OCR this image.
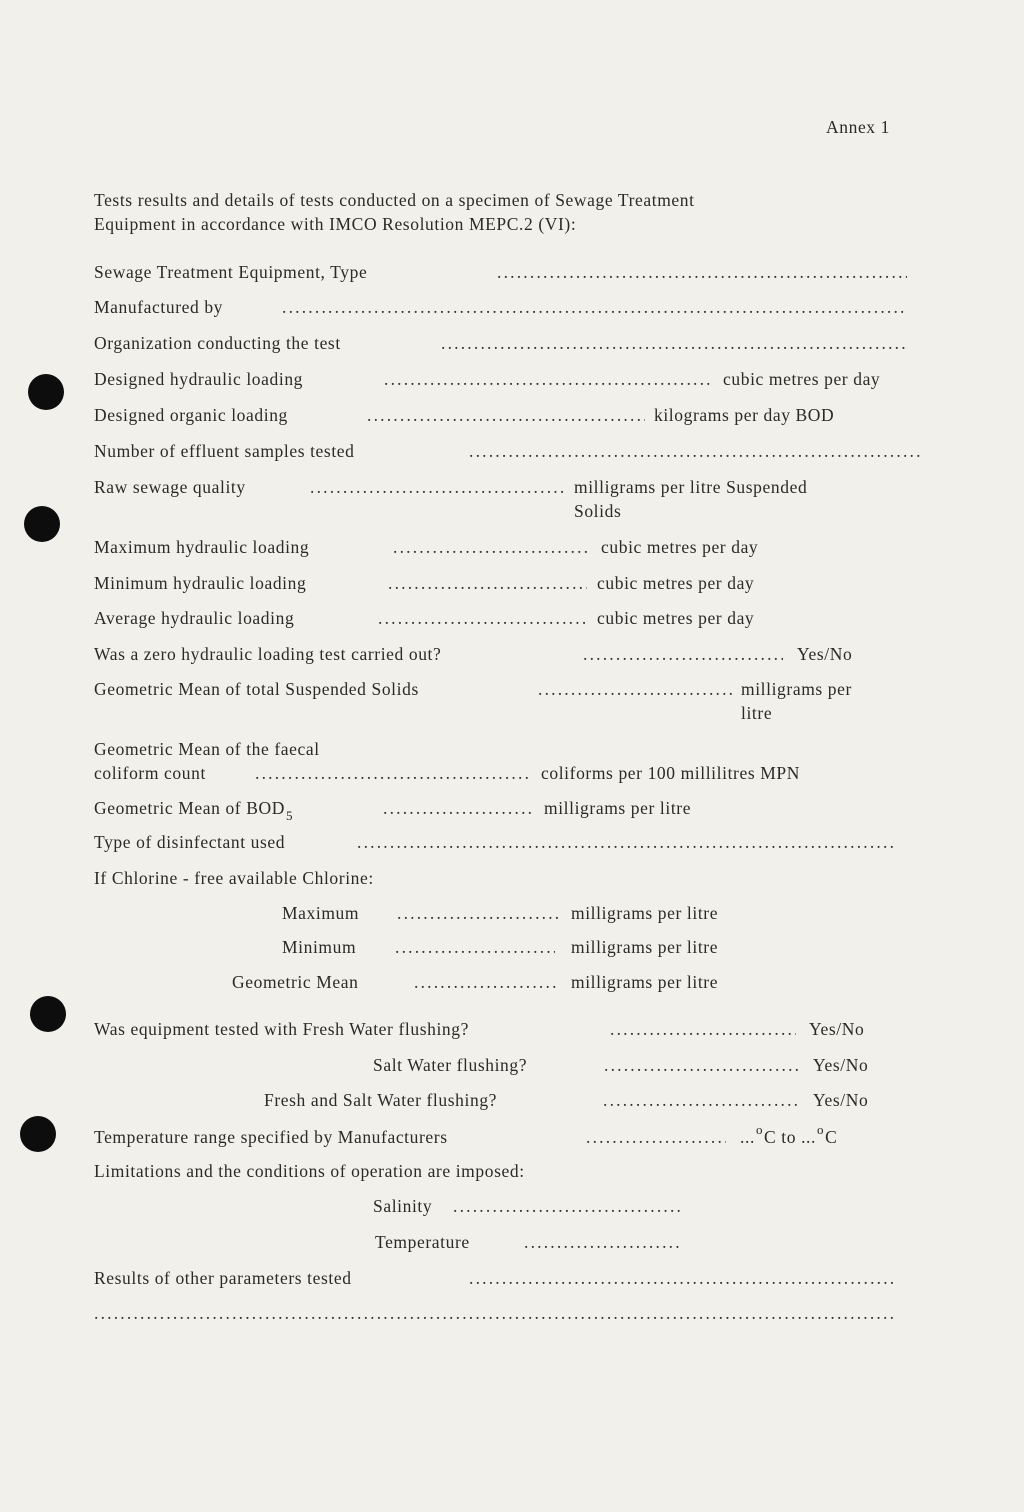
Annex 1
Tests results and details of tests conducted on a specimen of Sewage Treatment
Equipment in accordance with IMCO Resolution MEPC.2 (VI):
Sewage Treatment Equipment, Type
.....
Manufactured by
.....
Organization conducting the test
.....
Designed hydraulic loading .....	cubic metres per day
Designed organic loading .....	kilograms per day BOD
Number of effluent samples tested
.....
Raw sewage quality .....	milligrams per litre Suspended
Solids
Maximum hydraulic loading .....	cubic metres per day
Minimum hydraulic loading .....	cubic metres per day
Average hydraulic loading .....	cubic metres per day
Was a zero hydraulic loading test carried out? .....	Yes/No
Geometric Mean of total Suspended Solids .....	milligrams per
litre
Geometric Mean of the faecal
coliform count .....	coliforms per 100 millilitres MPN
Geometric Mean of $BOD_5$ .....	milligrams per litre
Type of disinfectant used
.....
If Chlorine - free available Chlorine:
Maximum .....	milligrams per litre
Minimum .....	milligrams per litre
Geometric Mean .....	milligrams per litre
Was equipment tested with Fresh Water flushing? .....	Yes/No
Salt Water flushing? .....	Yes/No
Fresh and Salt Water flushing? .....	Yes/No
Temperature range specified by Manufacturers .....	...$^o$C to ...$^o$C
Limitations and the conditions of operation are imposed:
Salinity
.....
Temperature
.....
Results of other parameters tested
.....
.....
